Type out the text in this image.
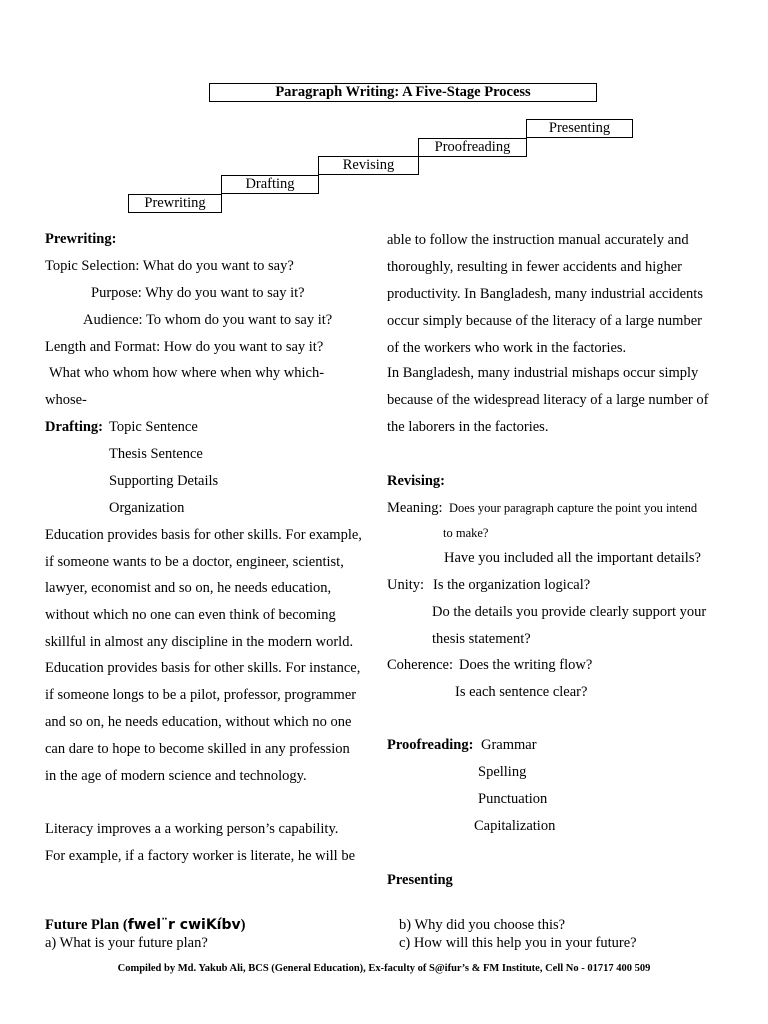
Paragraph Writing: A Five-Stage Process
Prewriting
Drafting
Revising
Proofreading
Presenting
Prewriting:
Topic Selection: What do you want to say?
Purpose: Why do you want to say it?
Audience: To whom do you want to say it?
Length and Format: How do you want to say it?
What who whom how where when why which-
whose-
Drafting: Topic Sentence
Thesis Sentence
Supporting Details
Organization
Education provides basis for other skills. For example,
if someone wants to be a doctor, engineer, scientist,
lawyer, economist and so on, he needs education,
without which no one can even think of becoming
skillful in almost any discipline in the modern world.
Education provides basis for other skills. For instance,
if someone longs to be a pilot, professor, programmer
and so on, he needs education, without which no one
can dare to hope to become skilled in any profession
in the age of modern science and technology.
Literacy improves a a working person’s capability.
For example, if a factory worker is literate, he will be
able to follow the instruction manual accurately and
thoroughly, resulting in fewer accidents and higher
productivity. In Bangladesh, many industrial accidents
occur simply because of the literacy of a large number
of the workers who work in the factories.
In Bangladesh, many industrial mishaps occur simply
because of the widespread literacy of a large number of
the laborers in the factories.
Revising:
Meaning: Does your paragraph capture the point you intend
to make?
Have you included all the important details?
Unity: Is the organization logical?
Do the details you provide clearly support your
thesis statement?
Coherence: Does the writing flow?
Is each sentence clear?
Proofreading: Grammar
Spelling
Punctuation
Capitalization
Presenting
Future Plan (fwel¨r cwiKíbv)
a) What is your future plan?
b) Why did you choose this?
c) How will this help you in your future?
Compiled by Md. Yakub Ali, BCS (General Education), Ex-faculty of S@ifur’s & FM Institute, Cell No - 01717 400 509
